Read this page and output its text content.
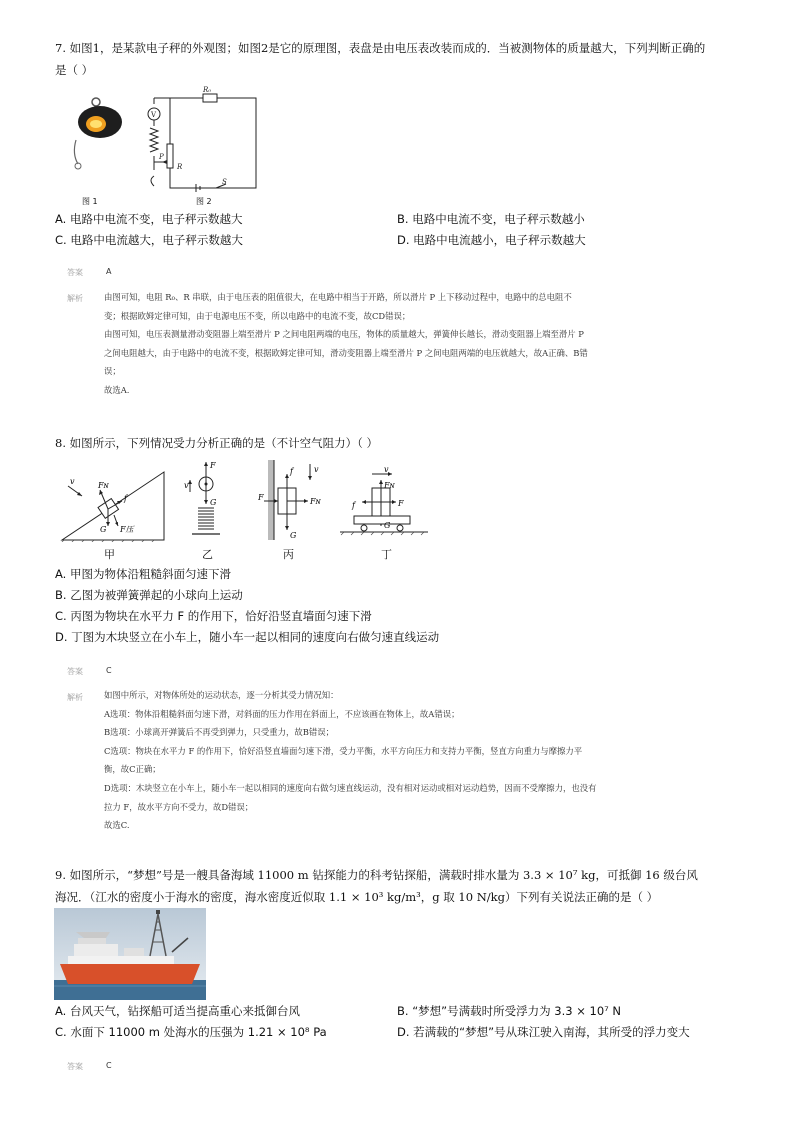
7. 如图1，是某款电子秤的外观图；如图2是它的原理图，表盘是由电压表改装而成的．当被测物体的质量越大，下列判断正确的
是（ ）
图 1
V
R₀
P
R
S
图 2
A. 电路中电流不变，电子秤示数越大	B. 电路中电流不变，电子秤示数越小
C. 电路中电流越大，电子秤示数越大	D. 电路中电流越小，电子秤示数越大
答案	A
解析	由图可知，电阻 R₀、R 串联，由于电压表的阻值很大，在电路中相当于开路，所以滑片 P 上下移动过程中，电路中的总电阻不
变；根据欧姆定律可知，由于电源电压不变，所以电路中的电流不变，故CD错误；
由图可知，电压表测量滑动变阻器上端至滑片 P 之间电阻两端的电压，物体的质量越大，弹簧伸长越长，滑动变阻器上端至滑片 P
之间电阻越大，由于电路中的电流不变，根据欧姆定律可知，滑动变阻器上端至滑片 P 之间电阻两端的电压就越大，故A正确、B错
误；
故选A.
8. 如图所示，下列情况受力分析正确的是（不计空气阻力）（ ）
v	Fɴ
f
G F压
甲
F
v
G
乙
f	v
F	Fɴ
G
丙
v
Fɴ
F
f
G
丁
A. 甲图为物体沿粗糙斜面匀速下滑
B. 乙图为被弹簧弹起的小球向上运动
C. 丙图为物块在水平力 F 的作用下，恰好沿竖直墙面匀速下滑
D. 丁图为木块竖立在小车上，随小车一起以相同的速度向右做匀速直线运动
答案	C
解析	如图中所示，对物体所处的运动状态，逐一分析其受力情况知：
A选项：物体沿粗糙斜面匀速下滑，对斜面的压力作用在斜面上，不应该画在物体上，故A错误；
B选项：小球离开弹簧后不再受到弹力，只受重力，故B错误；
C选项：物块在水平力 F 的作用下，恰好沿竖直墙面匀速下滑，受力平衡，水平方向压力和支持力平衡，竖直方向重力与摩擦力平
衡，故C正确；
D选项：木块竖立在小车上，随小车一起以相同的速度向右做匀速直线运动，没有相对运动或相对运动趋势，因而不受摩擦力，也没有
拉力 F，故水平方向不受力，故D错误；
故选C.
9. 如图所示，“梦想”号是一艘具备海域 11000 m 钻探能力的科考钻探船，满载时排水量为 3.3 × 10⁷ kg，可抵御 16 级台风
海况．（江水的密度小于海水的密度，海水密度近似取 1.1 × 10³ kg/m³，g 取 10 N/kg）下列有关说法正确的是（ ）
A. 台风天气，钻探船可适当提高重心来抵御台风	B. “梦想”号满载时所受浮力为 3.3 × 10⁷ N
C. 水面下 11000 m 处海水的压强为 1.21 × 10⁸ Pa	D. 若满载的“梦想”号从珠江驶入南海，其所受的浮力变大
答案	C
